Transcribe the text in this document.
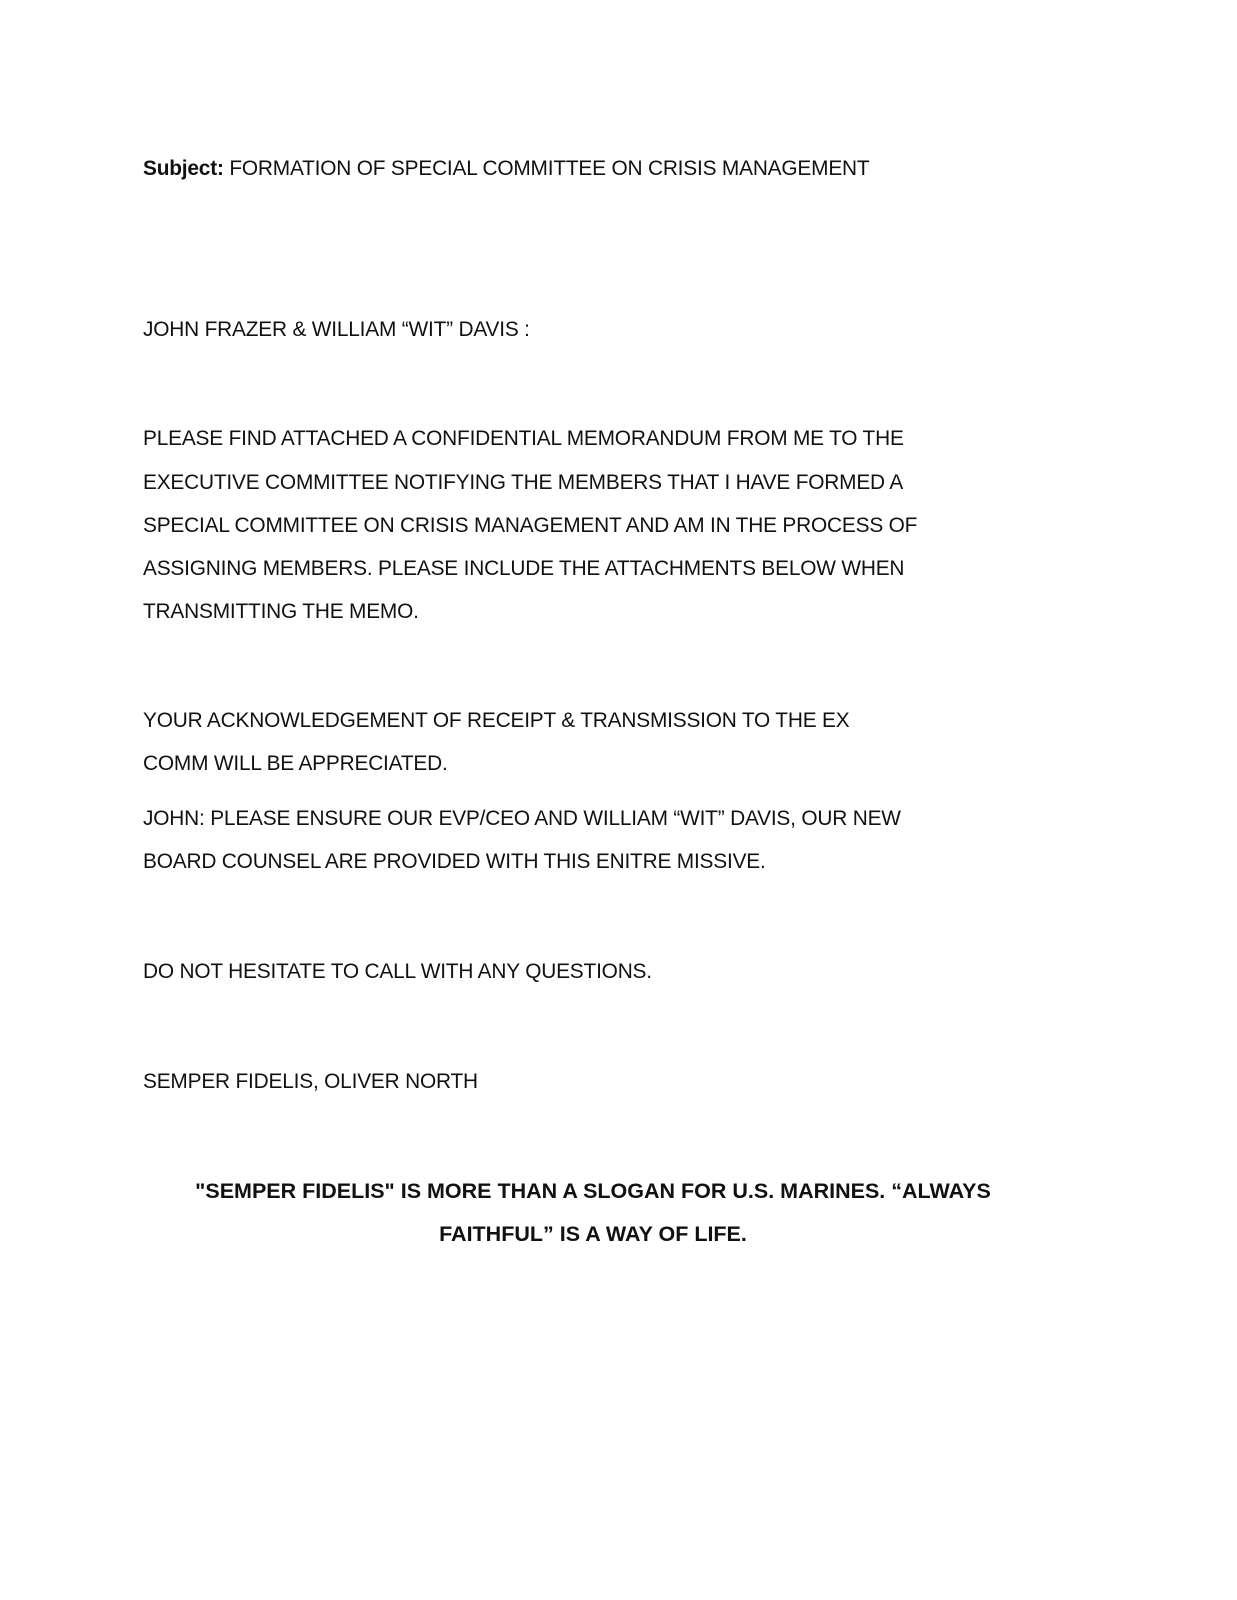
Subject: FORMATION OF SPECIAL COMMITTEE ON CRISIS MANAGEMENT
JOHN FRAZER & WILLIAM “WIT” DAVIS :
PLEASE FIND ATTACHED A CONFIDENTIAL MEMORANDUM FROM ME TO THE
EXECUTIVE COMMITTEE NOTIFYING THE MEMBERS THAT I HAVE FORMED A
SPECIAL COMMITTEE ON CRISIS MANAGEMENT AND AM IN THE PROCESS OF
ASSIGNING MEMBERS. PLEASE INCLUDE THE ATTACHMENTS BELOW WHEN
TRANSMITTING THE MEMO.
YOUR ACKNOWLEDGEMENT OF RECEIPT & TRANSMISSION TO THE EX
COMM WILL BE APPRECIATED.
JOHN: PLEASE ENSURE OUR EVP/CEO AND WILLIAM “WIT” DAVIS, OUR NEW
BOARD COUNSEL ARE PROVIDED WITH THIS ENITRE MISSIVE.
DO NOT HESITATE TO CALL WITH ANY QUESTIONS.
SEMPER FIDELIS, OLIVER NORTH
"SEMPER FIDELIS" IS MORE THAN A SLOGAN FOR U.S. MARINES. “ALWAYS
FAITHFUL” IS A WAY OF LIFE.
